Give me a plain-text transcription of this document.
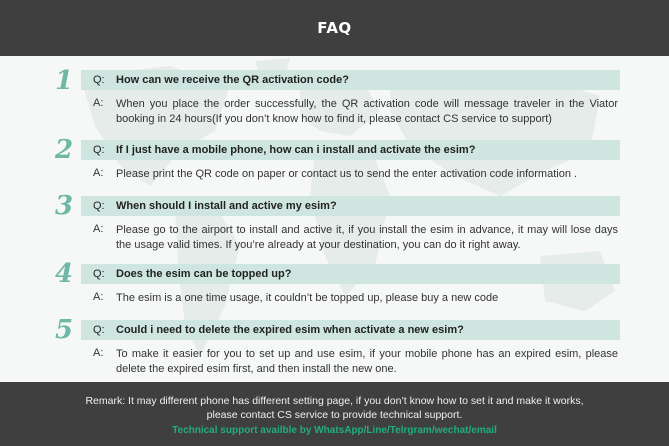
FAQ
1 Q: How can we receive the QR activation code?
A: When you place the order successfully, the QR activation code will message traveler in the Viator booking in 24 hours(If you don’t know how to find it, please contact CS service to support)
2 Q: If I just have a mobile phone, how can i install and activate the esim?
A: Please print the QR code on paper or contact us to send the enter activation code information .
3 Q: When should I install and active my esim?
A: Please go to the airport to install and active it, if you install the esim in advance, it may will lose days the usage valid times. If you’re already at your destination, you can do it right away.
4 Q: Does the esim can be topped up?
A: The esim is a one time usage, it couldn’t be topped up, please buy a new code
5 Q: Could i need to delete the expired esim when activate a new esim?
A: To make it easier for you to set up and use esim, if your mobile phone has an expired esim, please delete the expired esim first, and then install the new one.
Remark: It may different phone has different setting page, if you don’t know how to set it and make it works,
please contact CS service to provide technical support.
Technical support availble by WhatsApp/Line/Telrgram/wechat/email
